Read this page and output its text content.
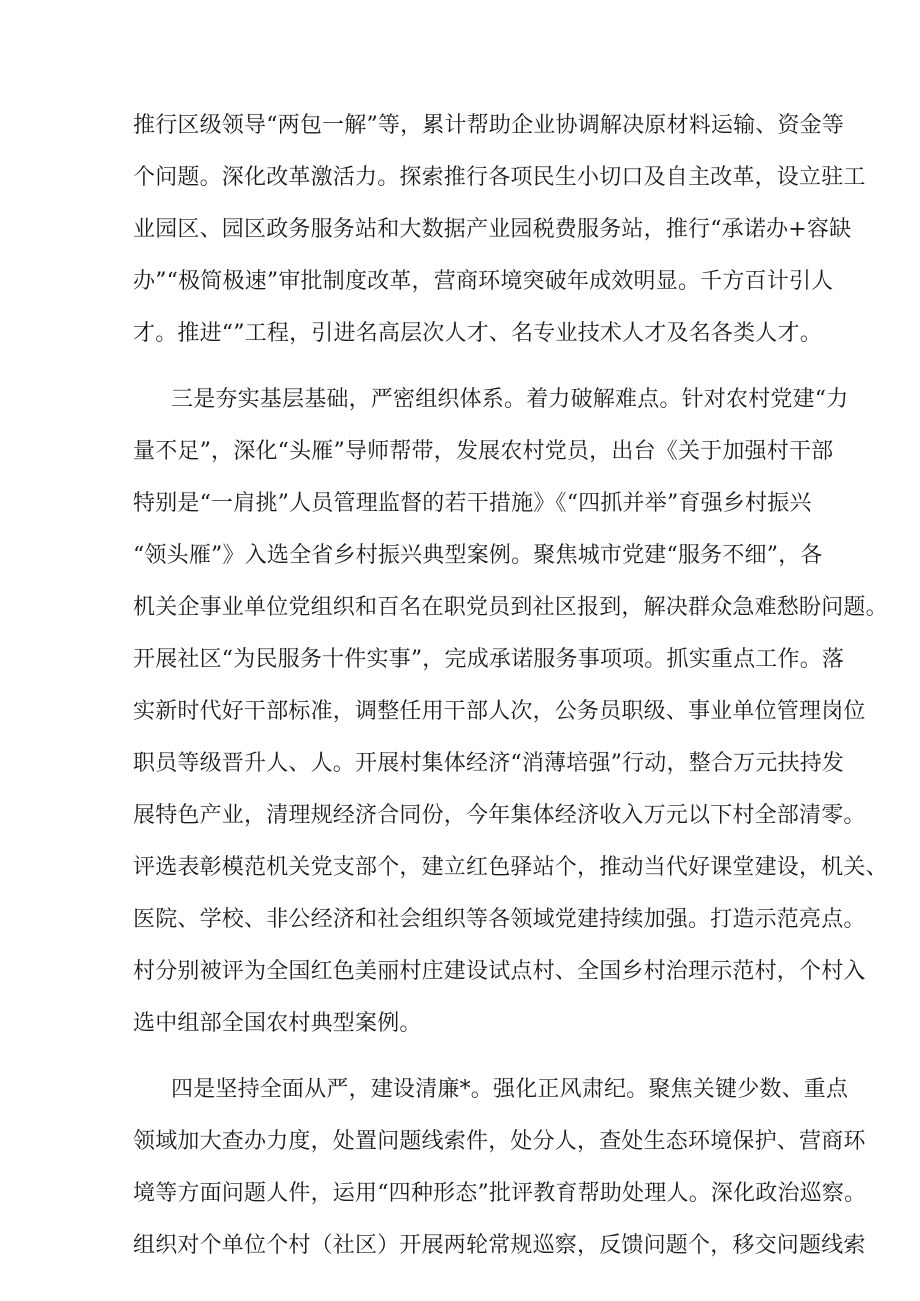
推行区级领导“两包一解”等，累计帮助企业协调解决原材料运输、资金等

个问题。深化改革激活力。探索推行各项民生小切口及自主改革，设立驻工

业园区、园区政务服务站和大数据产业园税费服务站，推行“承诺办+容缺

办”“极简极速”审批制度改革，营商环境突破年成效明显。千方百计引人

才。推进“”工程，引进名高层次人才、名专业技术人才及名各类人才。

三是夯实基层基础，严密组织体系。着力破解难点。针对农村党建“力

量不足”，深化“头雁”导师帮带，发展农村党员，出台《关于加强村干部

特别是“一肩挑”人员管理监督的若干措施》《“四抓并举”育强乡村振兴

“领头雁”》入选全省乡村振兴典型案例。聚焦城市党建“服务不细”，各

机关企事业单位党组织和百名在职党员到社区报到，解决群众急难愁盼问题。

开展社区“为民服务十件实事”，完成承诺服务事项项。抓实重点工作。落

实新时代好干部标准，调整任用干部人次，公务员职级、事业单位管理岗位

职员等级晋升人、人。开展村集体经济“消薄培强”行动，整合万元扶持发

展特色产业，清理规经济合同份，今年集体经济收入万元以下村全部清零。

评选表彰模范机关党支部个，建立红色驿站个，推动当代好课堂建设，机关、

医院、学校、非公经济和社会组织等各领域党建持续加强。打造示范亮点。

村分别被评为全国红色美丽村庄建设试点村、全国乡村治理示范村，个村入

选中组部全国农村典型案例。

四是坚持全面从严，建设清廉*。强化正风肃纪。聚焦关键少数、重点

领域加大查办力度，处置问题线索件，处分人，查处生态环境保护、营商环

境等方面问题人件，运用“四种形态”批评教育帮助处理人。深化政治巡察。

组织对个单位个村（社区）开展两轮常规巡察，反馈问题个，移交问题线索
